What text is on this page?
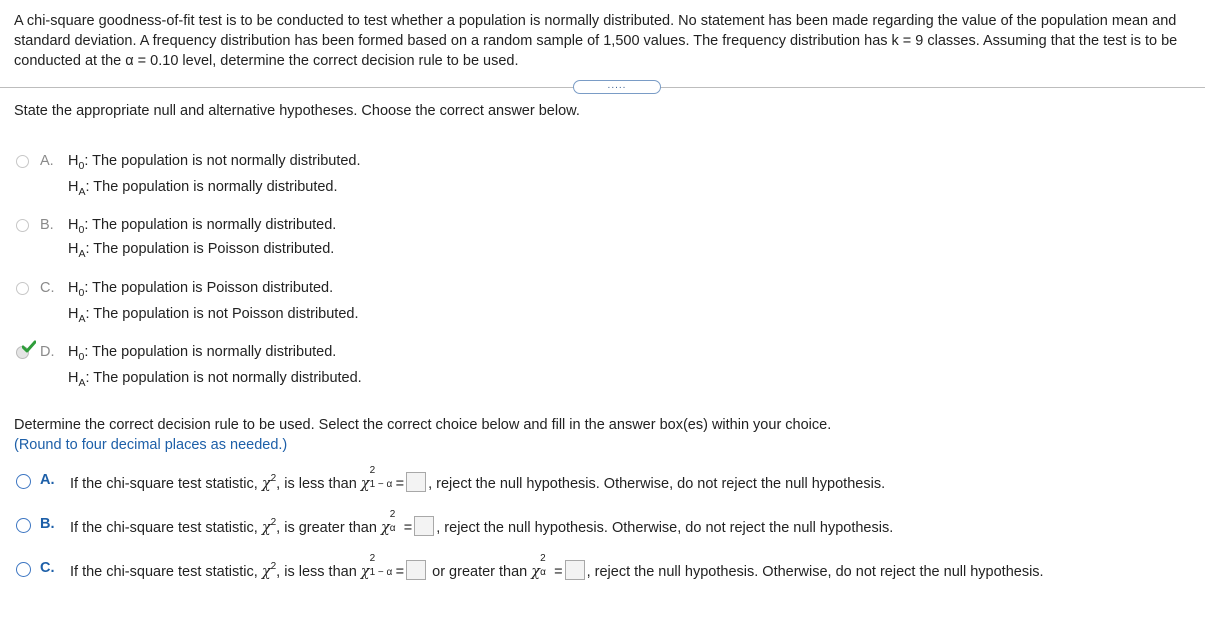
A chi-square goodness-of-fit test is to be conducted to test whether a population is normally distributed. No statement has been made regarding the value of the population mean and standard deviation. A frequency distribution has been formed based on a random sample of 1,500 values. The frequency distribution has k = 9 classes. Assuming that the test is to be conducted at the α = 0.10 level, determine the correct decision rule to be used.
.....
State the appropriate null and alternative hypotheses. Choose the correct answer below.
A. $H_0$: The population is not normally distributed.
$H_A$: The population is normally distributed.
B. $H_0$: The population is normally distributed.
$H_A$: The population is Poisson distributed.
C. $H_0$: The population is Poisson distributed.
$H_A$: The population is not Poisson distributed.
D. $H_0$: The population is normally distributed.
$H_A$: The population is not normally distributed.
Determine the correct decision rule to be used. Select the correct choice below and fill in the answer box(es) within your choice.
(Round to four decimal places as needed.)
A. If the chi-square test statistic, $\chi^2$, is less than χ
2
1 − α = , reject the null hypothesis. Otherwise, do not reject the null hypothesis.
B. If the chi-square test statistic, $\chi^2$, is greater than χ
2
α = , reject the null hypothesis. Otherwise, do not reject the null hypothesis.
C. If the chi-square test statistic, $\chi^2$, is less than χ
2
1 − α = or greater than χ
2
α = , reject the null hypothesis. Otherwise, do not reject the null hypothesis.
